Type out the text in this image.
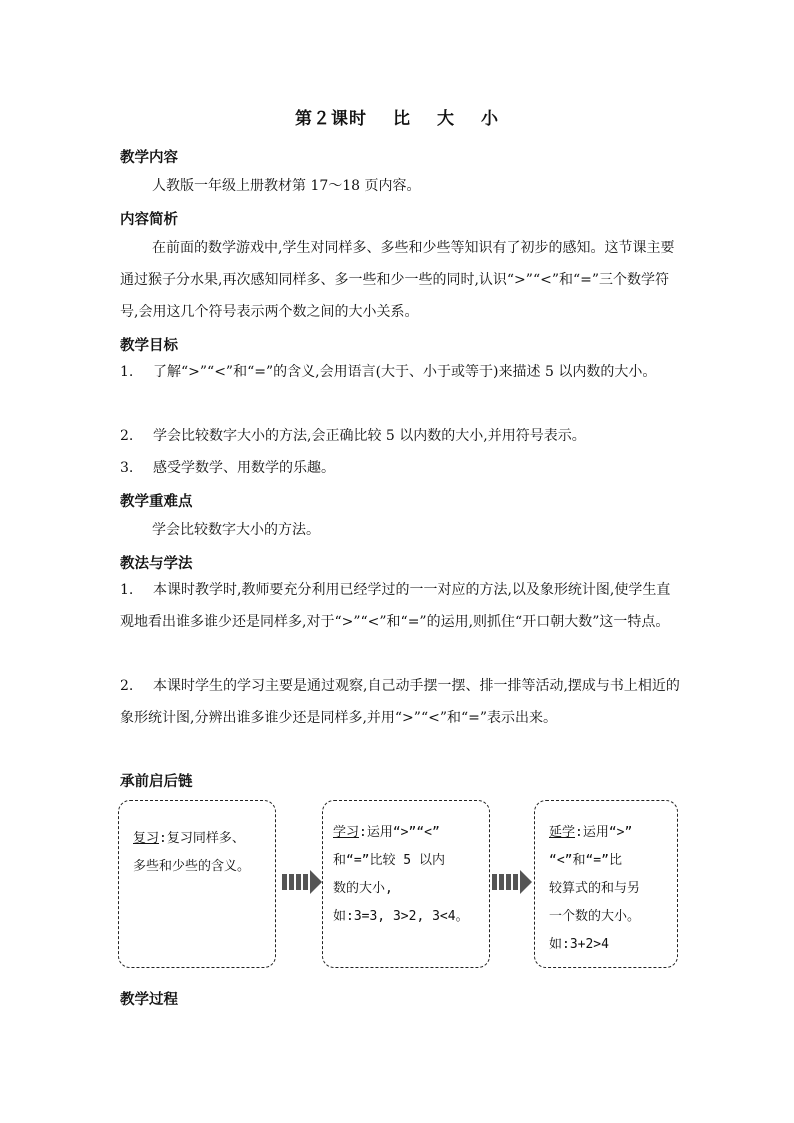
第２课时 比 大 小
教学内容
人教版一年级上册教材第 17～18 页内容。
内容简析
在前面的数学游戏中,学生对同样多、多些和少些等知识有了初步的感知。这节课主要通过猴子分水果,再次感知同样多、多一些和少一些的同时,认识“>”“<”和“=”三个数学符号,会用这几个符号表示两个数之间的大小关系。
教学目标
1. 了解“>”“<”和“=”的含义,会用语言(大于、小于或等于)来描述 5 以内数的大小。
2. 学会比较数字大小的方法,会正确比较 5 以内数的大小,并用符号表示。
3. 感受学数学、用数学的乐趣。
教学重难点
学会比较数字大小的方法。
教法与学法
1. 本课时教学时,教师要充分利用已经学过的一一对应的方法,以及象形统计图,使学生直观地看出谁多谁少还是同样多,对于“>”“<”和“=”的运用,则抓住“开口朝大数”这一特点。
2. 本课时学生的学习主要是通过观察,自己动手摆一摆、排一排等活动,摆成与书上相近的象形统计图,分辨出谁多谁少还是同样多,并用“>”“<”和“=”表示出来。
承前启后链
复习:复习同样多、
多些和少些的含义。
学习:运用“>”“<”
和“=”比较 5 以内
数的大小,
如:3=3, 3>2, 3<4。
延学:运用“>”
“<”和“=”比
较算式的和与另
一个数的大小。
如:3+2>4
教学过程
